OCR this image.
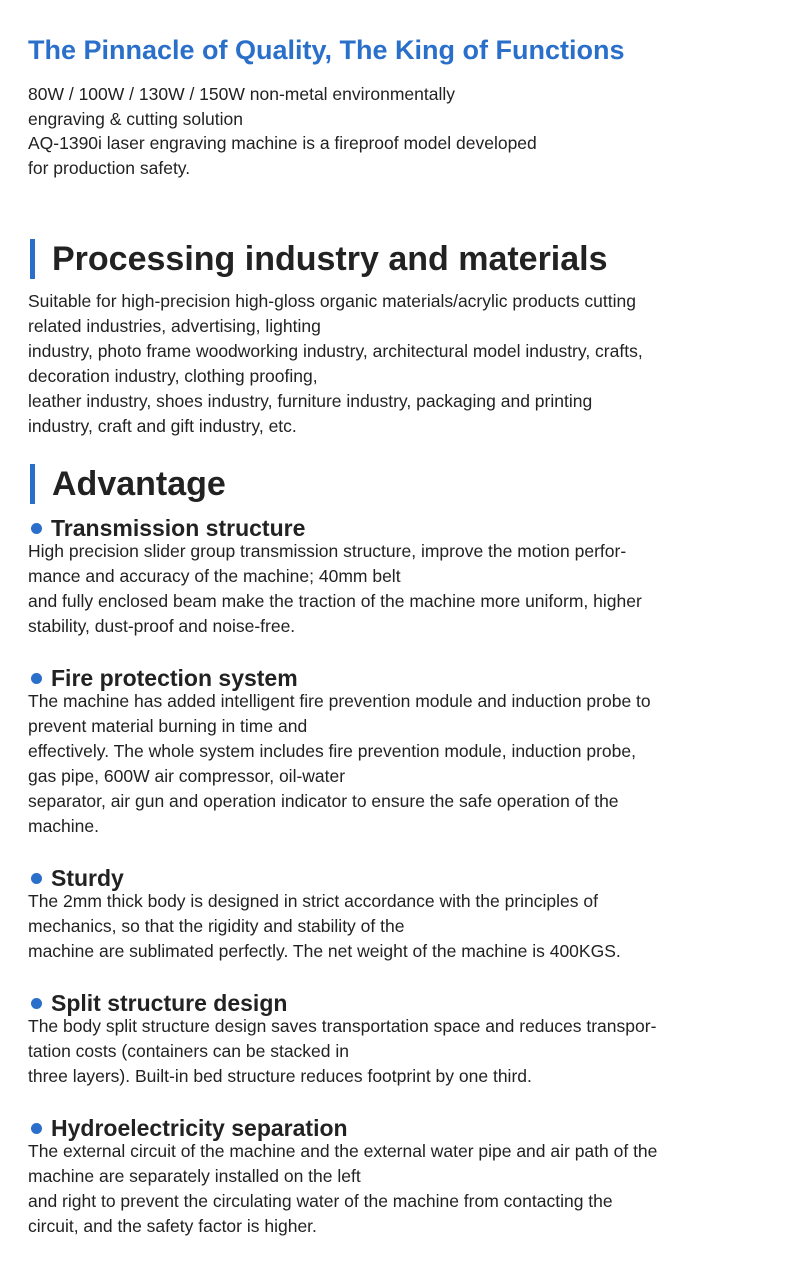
The Pinnacle of Quality, The King of Functions
80W / 100W / 130W / 150W non-metal environmentally
engraving & cutting solution
AQ-1390i laser engraving machine is a fireproof model developed
for production safety.
Processing industry and materials
Suitable for high-precision high-gloss organic materials/acrylic products cutting
related industries, advertising, lighting
industry, photo frame woodworking industry, architectural model industry, crafts,
decoration industry, clothing proofing,
leather industry, shoes industry, furniture industry, packaging and printing
industry, craft and gift industry, etc.
Advantage
Transmission structure
High precision slider group transmission structure, improve the motion perfor-
mance and accuracy of the machine; 40mm belt
and fully enclosed beam make the traction of the machine more uniform, higher
stability, dust-proof and noise-free.
Fire protection system
The machine has added intelligent fire prevention module and induction probe to
prevent material burning in time and
effectively. The whole system includes fire prevention module, induction probe,
gas pipe, 600W air compressor, oil-water
separator, air gun and operation indicator to ensure the safe operation of the
machine.
Sturdy
The 2mm thick body is designed in strict accordance with the principles of
mechanics, so that the rigidity and stability of the
machine are sublimated perfectly. The net weight of the machine is 400KGS.
Split structure design
The body split structure design saves transportation space and reduces transpor-
tation costs (containers can be stacked in
three layers). Built-in bed structure reduces footprint by one third.
Hydroelectricity separation
The external circuit of the machine and the external water pipe and air path of the
machine are separately installed on the left
and right to prevent the circulating water of the machine from contacting the
circuit, and the safety factor is higher.
